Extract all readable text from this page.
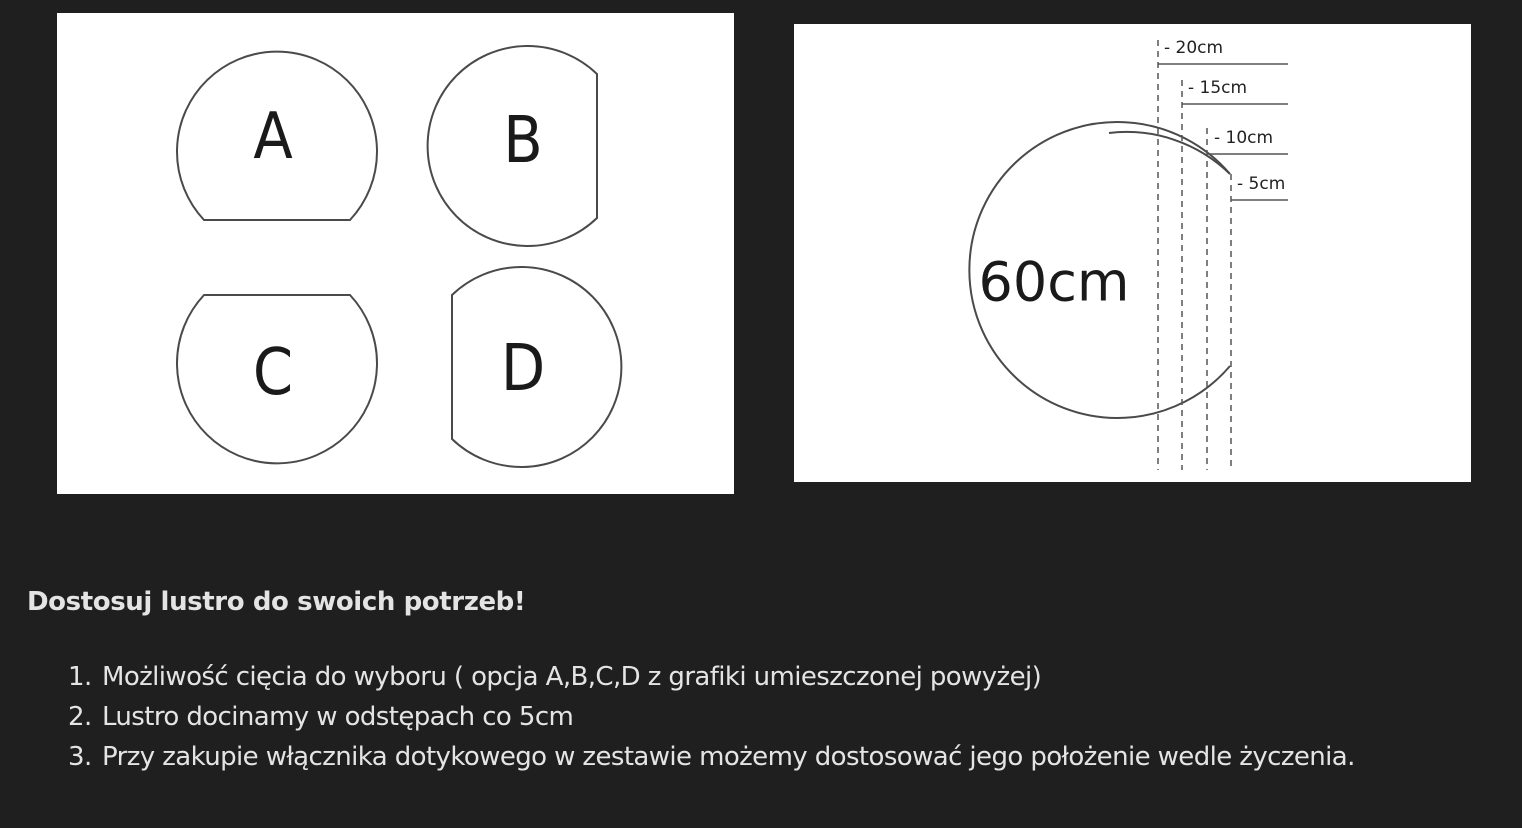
A	B
C	D
60cm
- 20cm
- 15cm
- 10cm
- 5cm
Dostosuj lustro do swoich potrzeb!
1. Możliwość cięcia do wyboru ( opcja A,B,C,D z grafiki umieszczonej powyżej)
2. Lustro docinamy w odstępach co 5cm
3. Przy zakupie włącznika dotykowego w zestawie możemy dostosować jego położenie wedle życzenia.
